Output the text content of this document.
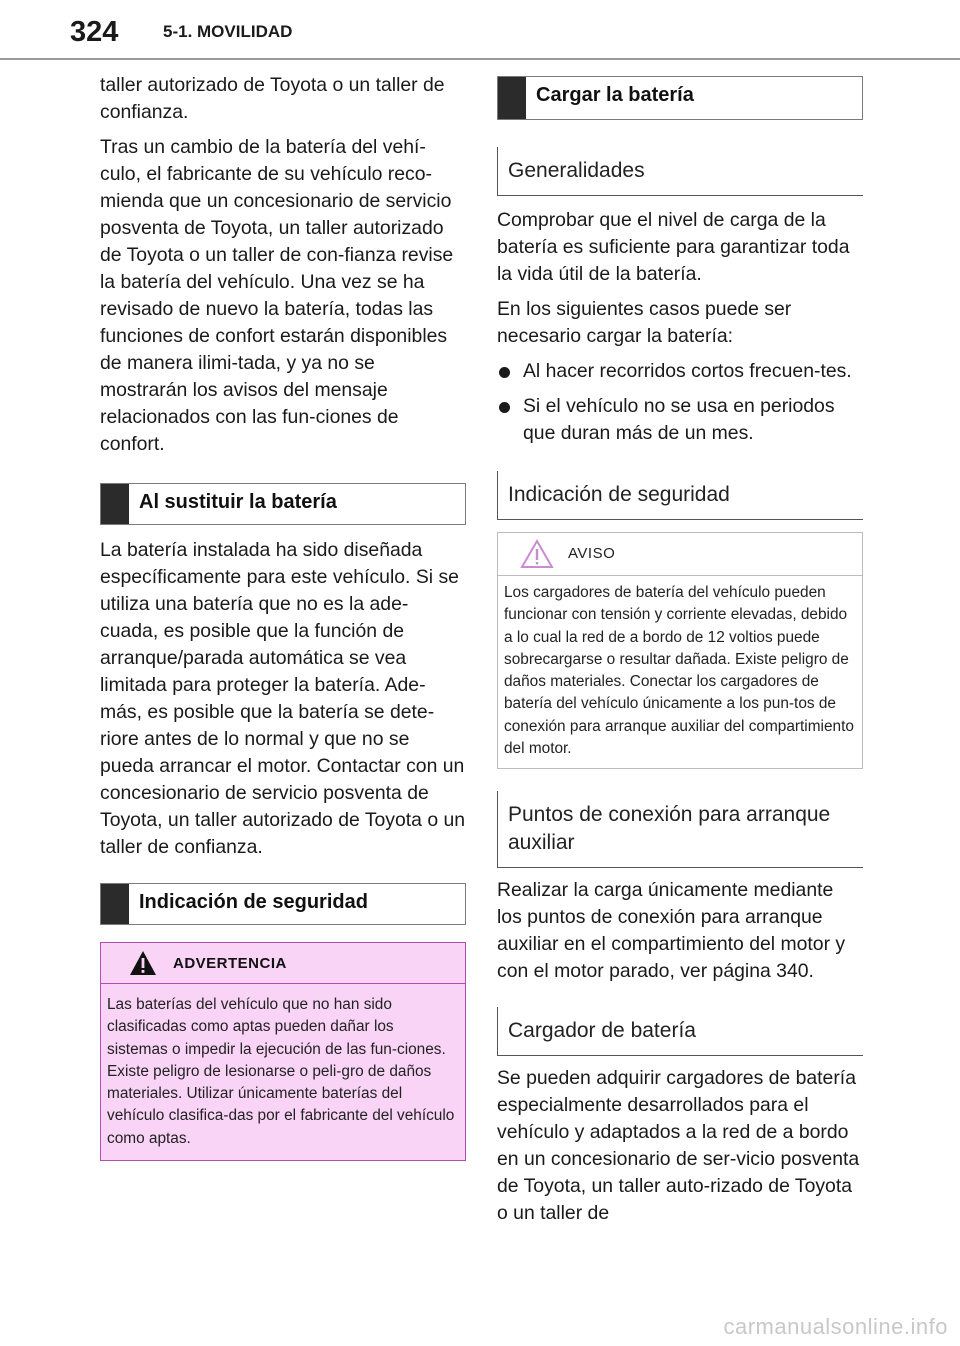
324	5-1. MOVILIDAD

taller autorizado de Toyota o un taller de confianza.

Tras un cambio de la batería del vehí-culo, el fabricante de su vehículo reco-mienda que un concesionario de servicio posventa de Toyota, un taller autorizado de Toyota o un taller de con-fianza revise la batería del vehículo. Una vez se ha revisado de nuevo la batería, todas las funciones de confort estarán disponibles de manera ilimi-tada, y ya no se mostrarán los avisos del mensaje relacionados con las fun-ciones de confort.

Al sustituir la batería

La batería instalada ha sido diseñada específicamente para este vehículo. Si se utiliza una batería que no es la ade-cuada, es posible que la función de arranque/parada automática se vea limitada para proteger la batería. Ade-más, es posible que la batería se dete-riore antes de lo normal y que no se pueda arrancar el motor. Contactar con un concesionario de servicio posventa de Toyota, un taller autorizado de Toyota o un taller de confianza.

Indicación de seguridad
ADVERTENCIA
Las baterías del vehículo que no han sido clasificadas como aptas pueden dañar los sistemas o impedir la ejecución de las fun-ciones. Existe peligro de lesionarse o peli-gro de daños materiales. Utilizar únicamente baterías del vehículo clasifica-das por el fabricante del vehículo como aptas.
Cargar la batería
Generalidades

Comprobar que el nivel de carga de la batería es suficiente para garantizar toda la vida útil de la batería.

En los siguientes casos puede ser necesario cargar la batería:

Al hacer recorridos cortos frecuen-tes.
Si el vehículo no se usa en periodos que duran más de un mes.
Indicación de seguridad
AVISO
Los cargadores de batería del vehículo pueden funcionar con tensión y corriente elevadas, debido a lo cual la red de a bordo de 12 voltios puede sobrecargarse o resultar dañada. Existe peligro de daños materiales. Conectar los cargadores de batería del vehículo únicamente a los pun-tos de conexión para arranque auxiliar del compartimiento del motor.
Puntos de conexión para arranque auxiliar

Realizar la carga únicamente mediante los puntos de conexión para arranque auxiliar en el compartimiento del motor y con el motor parado, ver página 340.

Cargador de batería

Se pueden adquirir cargadores de batería especialmente desarrollados para el vehículo y adaptados a la red de a bordo en un concesionario de ser-vicio posventa de Toyota, un taller auto-rizado de Toyota o un taller de

carmanualsonline.info
